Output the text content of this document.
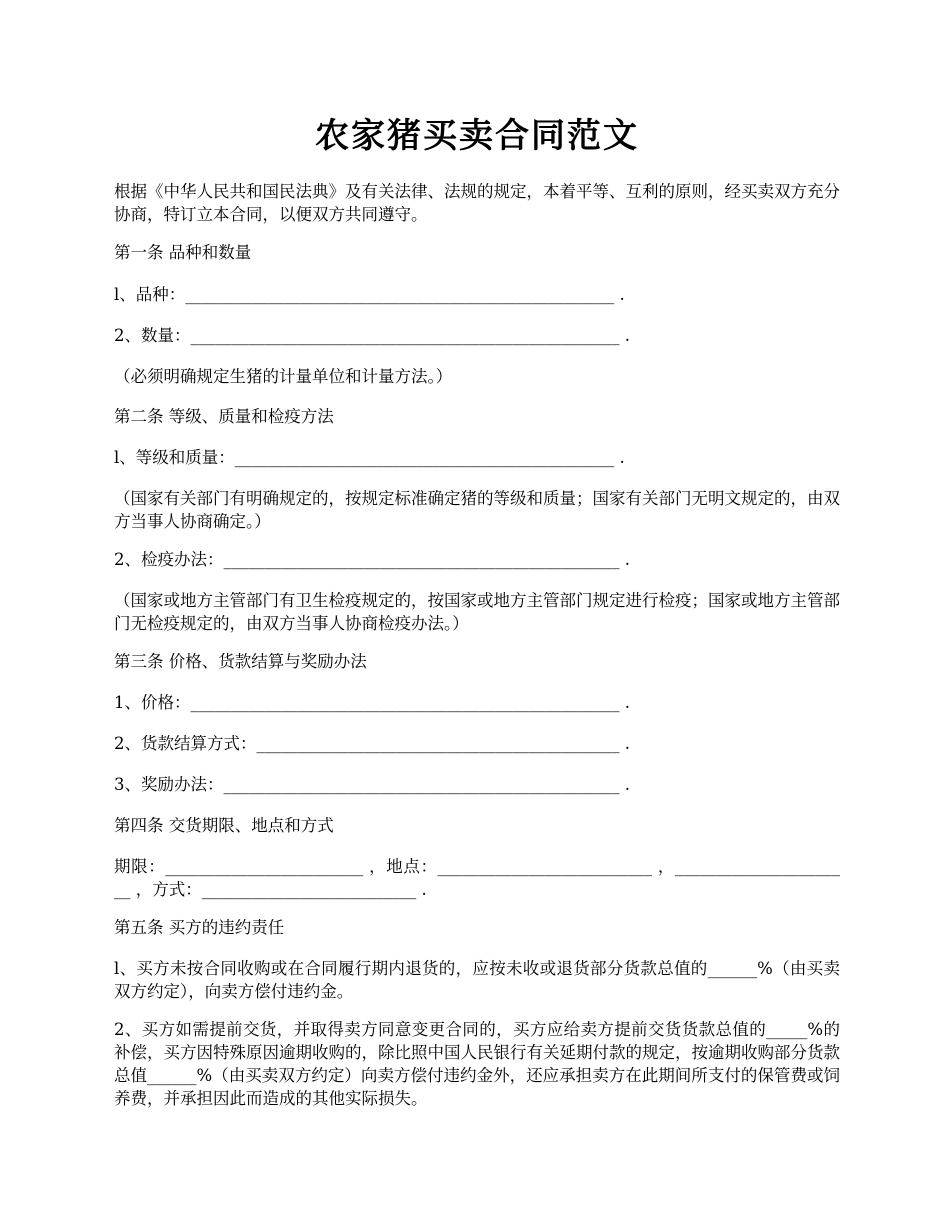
农家猪买卖合同范文

根据《中华人民共和国民法典》及有关法律、法规的规定，本着平等、互利的原则，经买卖双方充分协商，特订立本合同，以便双方共同遵守。

第一条 品种和数量

l、品种：____________________________________________________ .

2、数量：____________________________________________________ .

（必须明确规定生猪的计量单位和计量方法。）

第二条 等级、质量和检疫方法

l、等级和质量：______________________________________________ .

（国家有关部门有明确规定的，按规定标准确定猪的等级和质量；国家有关部门无明文规定的，由双方当事人协商确定。）

2、检疫办法：________________________________________________ .

（国家或地方主管部门有卫生检疫规定的，按国家或地方主管部门规定进行检疫；国家或地方主管部门无检疫规定的，由双方当事人协商检疫办法。）

第三条 价格、货款结算与奖励办法

1、价格：____________________________________________________ .

2、货款结算方式：____________________________________________ .

3、奖励办法：________________________________________________ .

第四条 交货期限、地点和方式

期限：________________________ ，地点：__________________________ ，______________________ ，方式：__________________________ .

第五条 买方的违约责任

l、买方未按合同收购或在合同履行期内退货的，应按未收或退货部分货款总值的______%（由买卖双方约定），向卖方偿付违约金。

2、买方如需提前交货，并取得卖方同意变更合同的，买方应给卖方提前交货货款总值的_____%的补偿，买方因特殊原因逾期收购的，除比照中国人民银行有关延期付款的规定，按逾期收购部分货款总值______%（由买卖双方约定）向卖方偿付违约金外，还应承担卖方在此期间所支付的保管费或饲养费，并承担因此而造成的其他实际损失。
